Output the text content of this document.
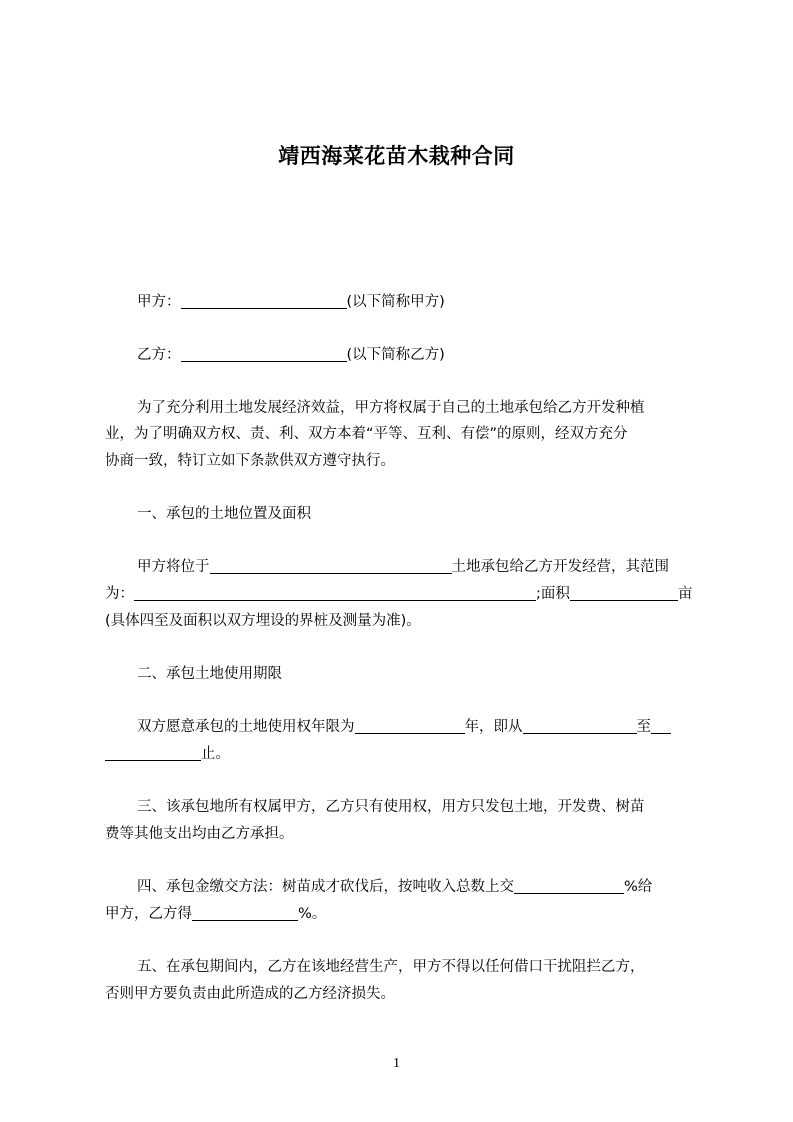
靖西海菜花苗木栽种合同
甲方：	(以下简称甲方)
乙方：	(以下简称乙方)
为了充分利用土地发展经济效益，甲方将权属于自己的土地承包给乙方开发种植
业，为了明确双方权、责、利、双方本着“平等、互利、有偿”的原则，经双方充分
协商一致，特订立如下条款供双方遵守执行。
一、承包的土地位置及面积
甲方将位于	土地承包给乙方开发经营，其范围
为：	;面积	亩
(具体四至及面积以双方埋设的界桩及测量为准)。
二、承包土地使用期限
双方愿意承包的土地使用权年限为	年，即从	至
止。
三、该承包地所有权属甲方，乙方只有使用权，用方只发包土地，开发费、树苗
费等其他支出均由乙方承担。
四、承包金缴交方法：树苗成才砍伐后，按吨收入总数上交	%给
甲方，乙方得	%。
五、在承包期间内，乙方在该地经营生产，甲方不得以任何借口干扰阻拦乙方，
否则甲方要负责由此所造成的乙方经济损失。
1
